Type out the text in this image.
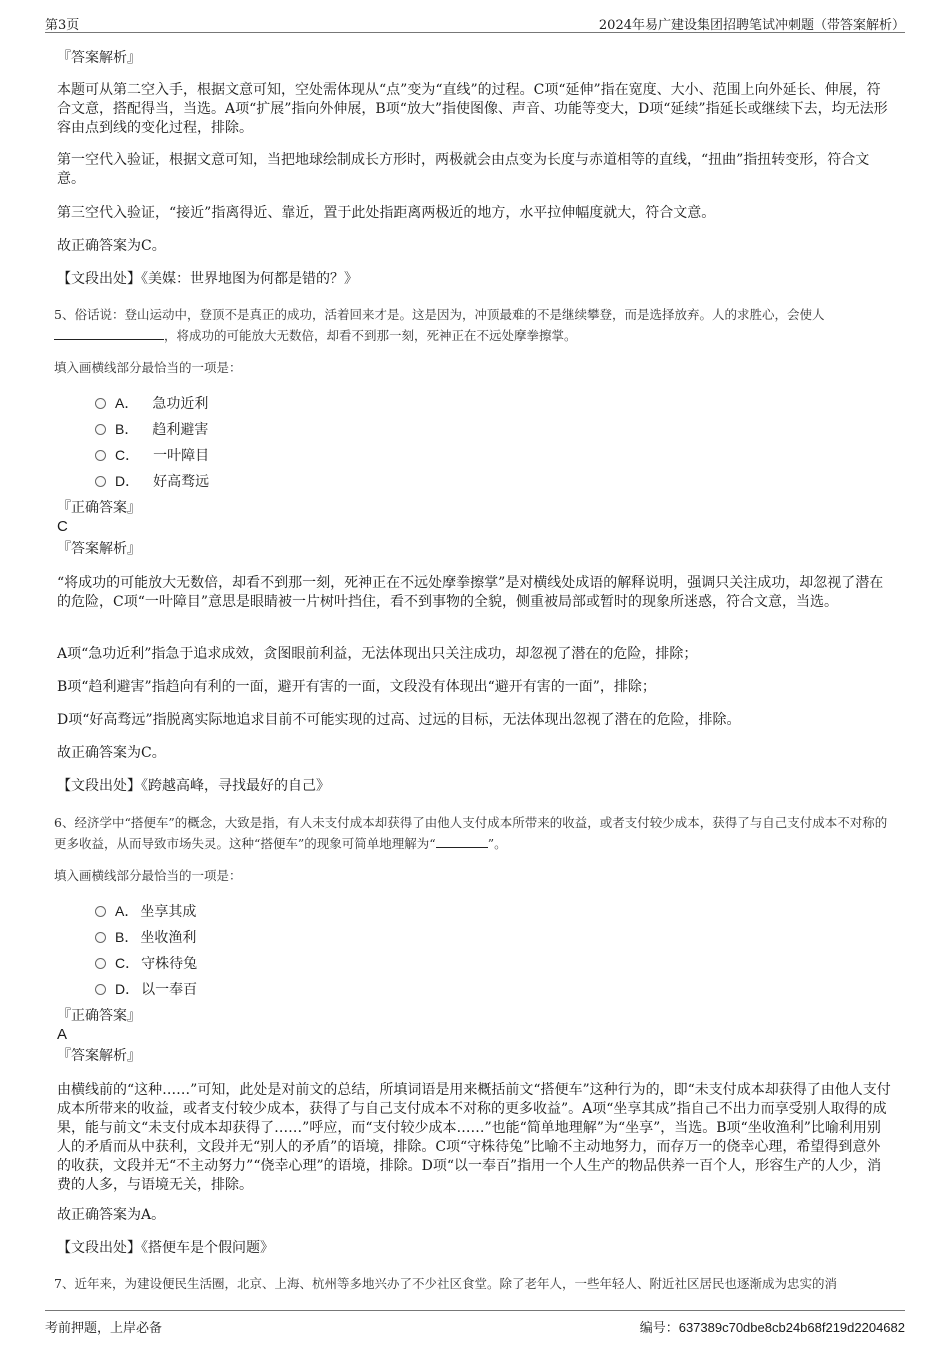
第3页	2024年易广建设集团招聘笔试冲刺题（带答案解析）
『答案解析』
本题可从第二空入手，根据文意可知，空处需体现从“点”变为“直线”的过程。C项“延伸”指在宽度、大小、范围上向外延长、伸展，符合文意，搭配得当，当选。A项“扩展”指向外伸展，B项“放大”指使图像、声音、功能等变大，D项“延续”指延长或继续下去，均无法形容由点到线的变化过程，排除。
第一空代入验证，根据文意可知，当把地球绘制成长方形时，两极就会由点变为长度与赤道相等的直线，“扭曲”指扭转变形，符合文意。
第三空代入验证，“接近”指离得近、靠近，置于此处指距离两极近的地方，水平拉伸幅度就大，符合文意。
故正确答案为C。
【文段出处】《美媒：世界地图为何都是错的？》
5、俗话说：登山运动中，登顶不是真正的成功，活着回来才是。这是因为，冲顶最难的不是继续攀登，而是选择放弃。人的求胜心，会使人，将成功的可能放大无数倍，却看不到那一刻，死神正在不远处摩拳擦掌。
填入画横线部分最恰当的一项是：
A． 急功近利
B． 趋利避害
C． 一叶障目
D． 好高骛远
『正确答案』
C
『答案解析』
“将成功的可能放大无数倍，却看不到那一刻，死神正在不远处摩拳擦掌”是对横线处成语的解释说明，强调只关注成功，却忽视了潜在的危险，C项“一叶障目”意思是眼睛被一片树叶挡住，看不到事物的全貌，侧重被局部或暂时的现象所迷惑，符合文意，当选。
A项“急功近利”指急于追求成效，贪图眼前利益，无法体现出只关注成功，却忽视了潜在的危险，排除；
B项“趋利避害”指趋向有利的一面，避开有害的一面，文段没有体现出“避开有害的一面”，排除；
D项“好高骛远”指脱离实际地追求目前不可能实现的过高、过远的目标，无法体现出忽视了潜在的危险，排除。
故正确答案为C。
【文段出处】《跨越高峰，寻找最好的自己》
6、经济学中“搭便车”的概念，大致是指，有人未支付成本却获得了由他人支付成本所带来的收益，或者支付较少成本，获得了与自己支付成本不对称的更多收益，从而导致市场失灵。这种“搭便车”的现象可简单地理解为“	”。
填入画横线部分最恰当的一项是：
A． 坐享其成
B． 坐收渔利
C． 守株待兔
D． 以一奉百
『正确答案』
A
『答案解析』
由横线前的“这种……”可知，此处是对前文的总结，所填词语是用来概括前文“搭便车”这种行为的，即“未支付成本却获得了由他人支付成本所带来的收益，或者支付较少成本，获得了与自己支付成本不对称的更多收益”。A项“坐享其成”指自己不出力而享受别人取得的成果，能与前文“未支付成本却获得了……”呼应，而“支付较少成本……”也能“简单地理解”为“坐享”，当选。B项“坐收渔利”比喻利用别人的矛盾而从中获利，文段并无“别人的矛盾”的语境，排除。C项“守株待兔”比喻不主动地努力，而存万一的侥幸心理，希望得到意外的收获，文段并无“不主动努力”“侥幸心理”的语境，排除。D项“以一奉百”指用一个人生产的物品供养一百个人，形容生产的人少，消费的人多，与语境无关，排除。
故正确答案为A。
【文段出处】《搭便车是个假问题》
7、近年来，为建设便民生活圈，北京、上海、杭州等多地兴办了不少社区食堂。除了老年人，一些年轻人、附近社区居民也逐渐成为忠实的消
考前押题，上岸必备	编号：637389c70dbe8cb24b68f219d2204682
